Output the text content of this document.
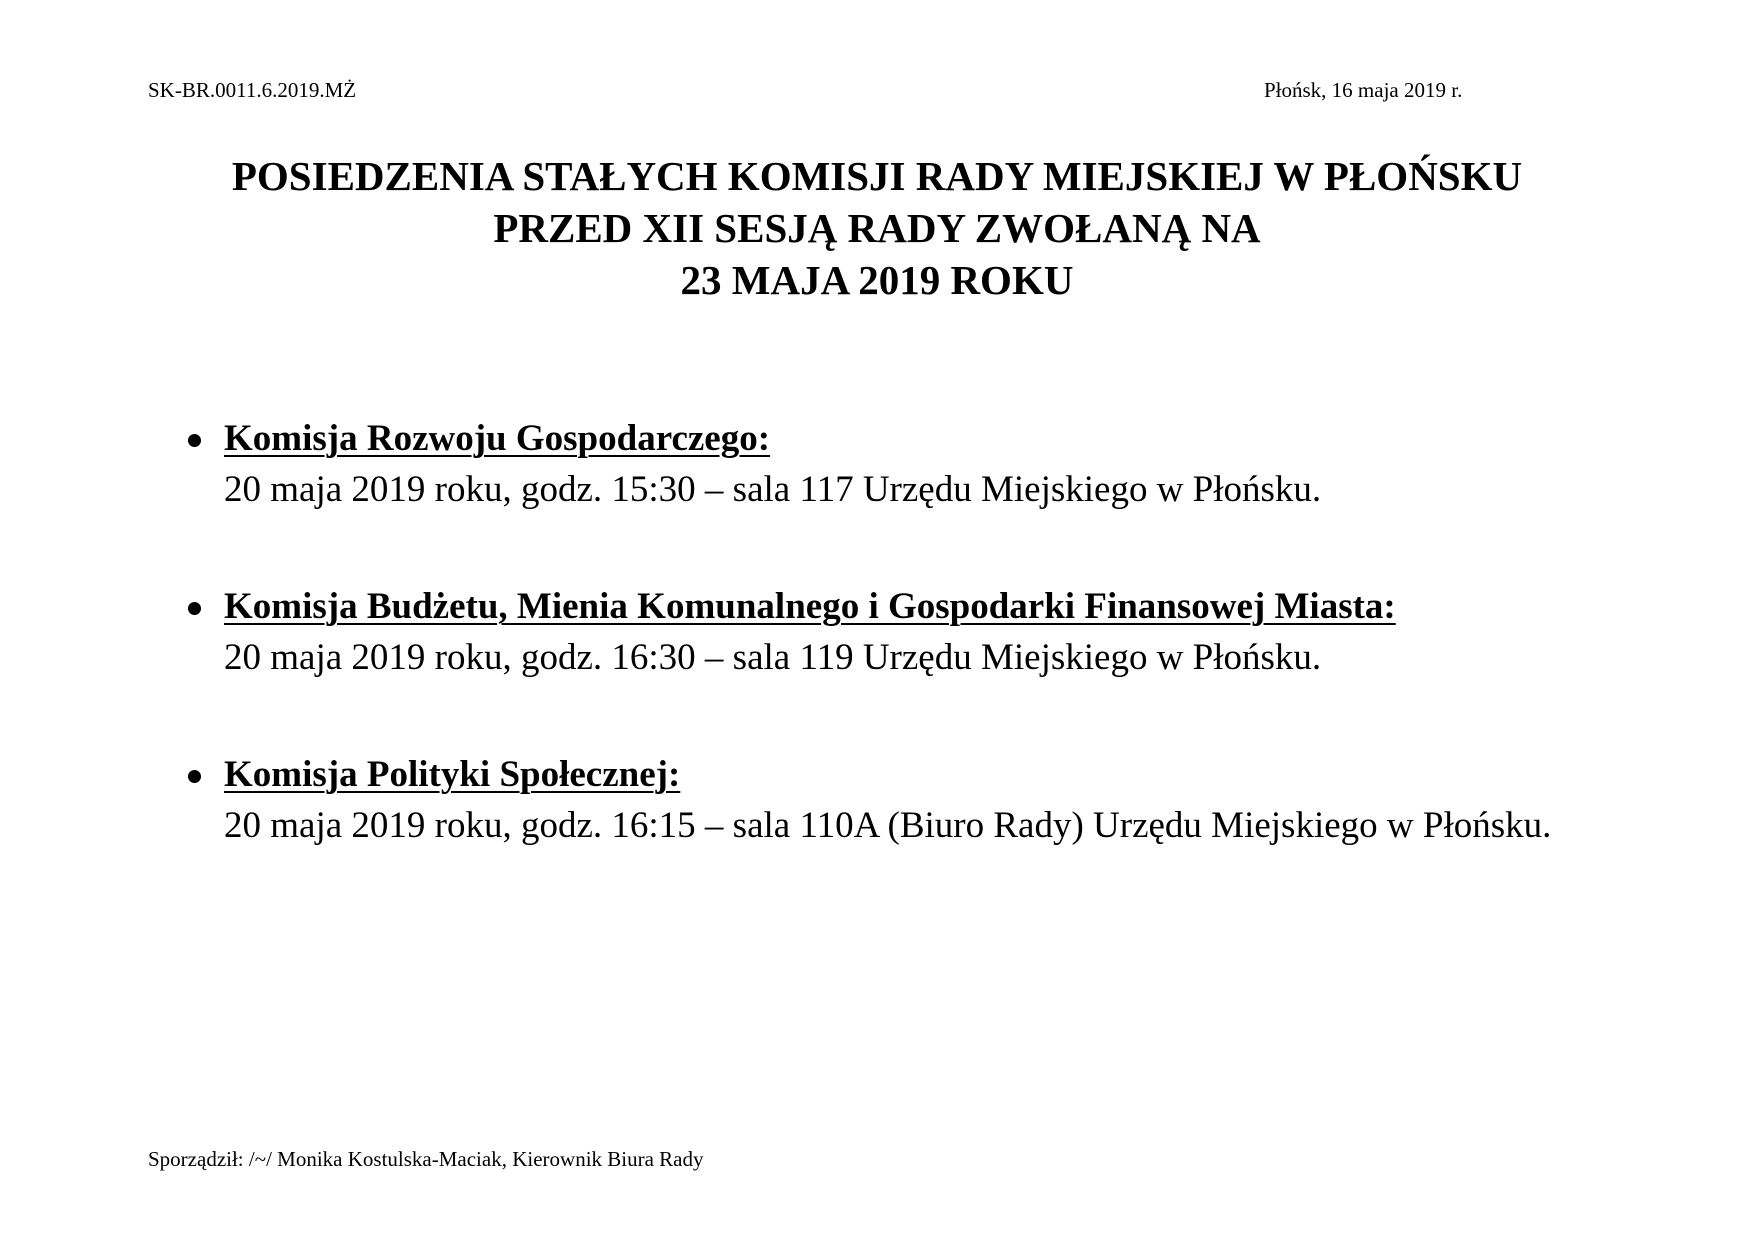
SK-BR.0011.6.2019.MŻ	Płońsk, 16 maja 2019 r.
POSIEDZENIA STAŁYCH KOMISJI RADY MIEJSKIEJ W PŁOŃSKU
PRZED XII SESJĄ RADY ZWOŁANĄ NA
23 MAJA 2019 ROKU
Komisja Rozwoju Gospodarczego:
20 maja 2019 roku, godz. 15:30 – sala 117 Urzędu Miejskiego w Płońsku.
Komisja Budżetu, Mienia Komunalnego i Gospodarki Finansowej Miasta:
20 maja 2019 roku, godz. 16:30 – sala 119 Urzędu Miejskiego w Płońsku.
Komisja Polityki Społecznej:
20 maja 2019 roku, godz. 16:15 – sala 110A (Biuro Rady) Urzędu Miejskiego w Płońsku.
Sporządził: /~/ Monika Kostulska-Maciak, Kierownik Biura Rady
